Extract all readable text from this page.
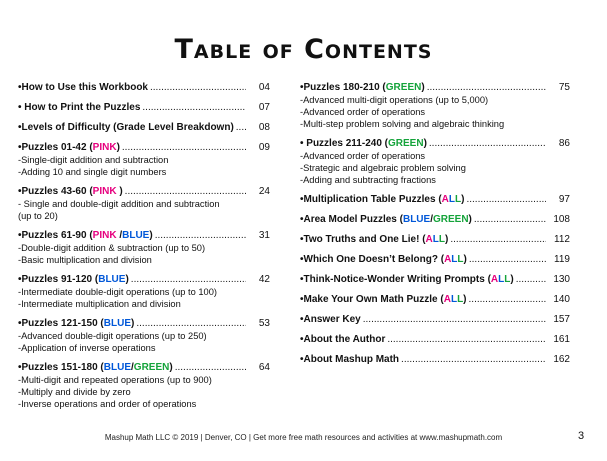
Table of Contents
•How to Use this Workbook .....	04
• How to Print the Puzzles .....	07
•Levels of Difficulty (Grade Level Breakdown) .....	08
•Puzzles 01-42 (PINK) .....	09
-Single-digit addition and subtraction
-Adding 10 and single digit numbers
•Puzzles 43-60 (PINK ) .....	24
- Single and double-digit addition and subtraction
(up to 20)
•Puzzles 61-90 (PINK /BLUE) .....	31
-Double-digit addition & subtraction (up to 50)
-Basic multiplication and division
•Puzzles 91-120 (BLUE) .....	42
-Intermediate double-digit operations (up to 100)
-Intermediate multiplication and division
•Puzzles 121-150 (BLUE) .....	53
-Advanced double-digit operations (up to 250)
-Application of inverse operations
•Puzzles 151-180 (BLUE/GREEN) .....	64
-Multi-digit and repeated operations (up to 900)
-Multiply and divide by zero
-Inverse operations and order of operations
•Puzzles 180-210 (GREEN) .....	75
-Advanced multi-digit operations (up to 5,000)
-Advanced order of operations
-Multi-step problem solving and algebraic thinking
• Puzzles 211-240 (GREEN) .....	86
-Advanced order of operations
-Strategic and algebraic problem solving
-Adding and subtracting fractions
•Multiplication Table Puzzles (ALL) .....	97
•Area Model Puzzles (BLUE/GREEN) .....	108
•Two Truths and One Lie! (ALL) .....	112
•Which One Doesn’t Belong? (ALL) .....	119
•Think-Notice-Wonder Writing Prompts (ALL) .....	130
•Make Your Own Math Puzzle (ALL) .....	140
•Answer Key .....	157
•About the Author .....	161
•About Mashup Math .....	162
Mashup Math LLC © 2019 | Denver, CO | Get more free math resources and activities at www.mashupmath.com	3
